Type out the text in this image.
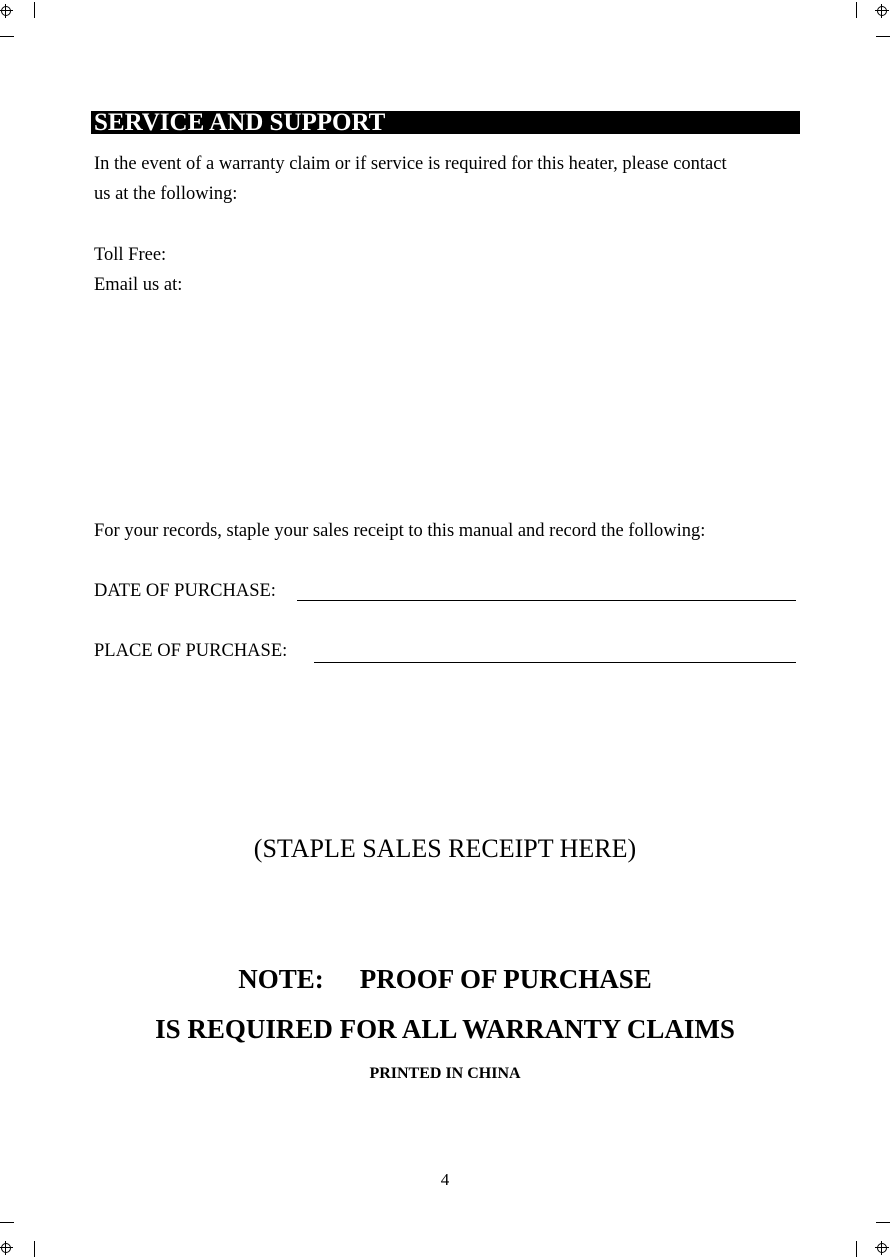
SERVICE AND SUPPORT
In the event of a warranty claim or if service is required for this heater, please contact
us at the following:
Toll Free:
Email us at:
For your records, staple your sales receipt to this manual and record the following:
DATE OF PURCHASE:
PLACE OF PURCHASE:
(STAPLE SALES RECEIPT HERE)
NOTE: PROOF OF PURCHASE
IS REQUIRED FOR ALL WARRANTY CLAIMS
PRINTED IN CHINA
4
